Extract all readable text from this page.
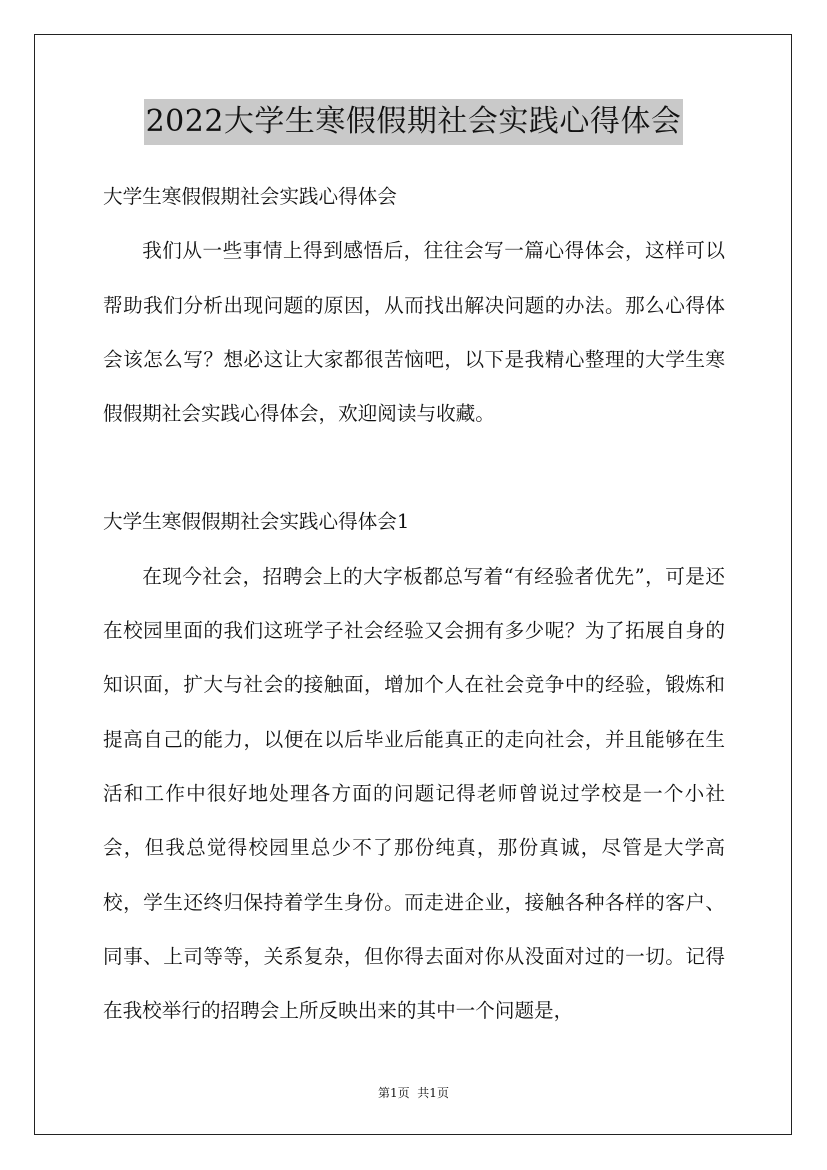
2022大学生寒假假期社会实践心得体会

大学生寒假假期社会实践心得体会

我们从一些事情上得到感悟后，往往会写一篇心得体会，这样可以帮助我们分析出现问题的原因，从而找出解决问题的办法。那么心得体会该怎么写？想必这让大家都很苦恼吧，以下是我精心整理的大学生寒假假期社会实践心得体会，欢迎阅读与收藏。

大学生寒假假期社会实践心得体会1

在现今社会，招聘会上的大字板都总写着“有经验者优先”，可是还在校园里面的我们这班学子社会经验又会拥有多少呢？为了拓展自身的知识面，扩大与社会的接触面，增加个人在社会竞争中的经验，锻炼和提高自己的能力，以便在以后毕业后能真正的走向社会，并且能够在生活和工作中很好地处理各方面的问题记得老师曾说过学校是一个小社会，但我总觉得校园里总少不了那份纯真，那份真诚，尽管是大学高校，学生还终归保持着学生身份。而走进企业，接触各种各样的客户、同事、上司等等，关系复杂，但你得去面对你从没面对过的一切。记得在我校举行的招聘会上所反映出来的其中一个问题是，

第1页  共1页
